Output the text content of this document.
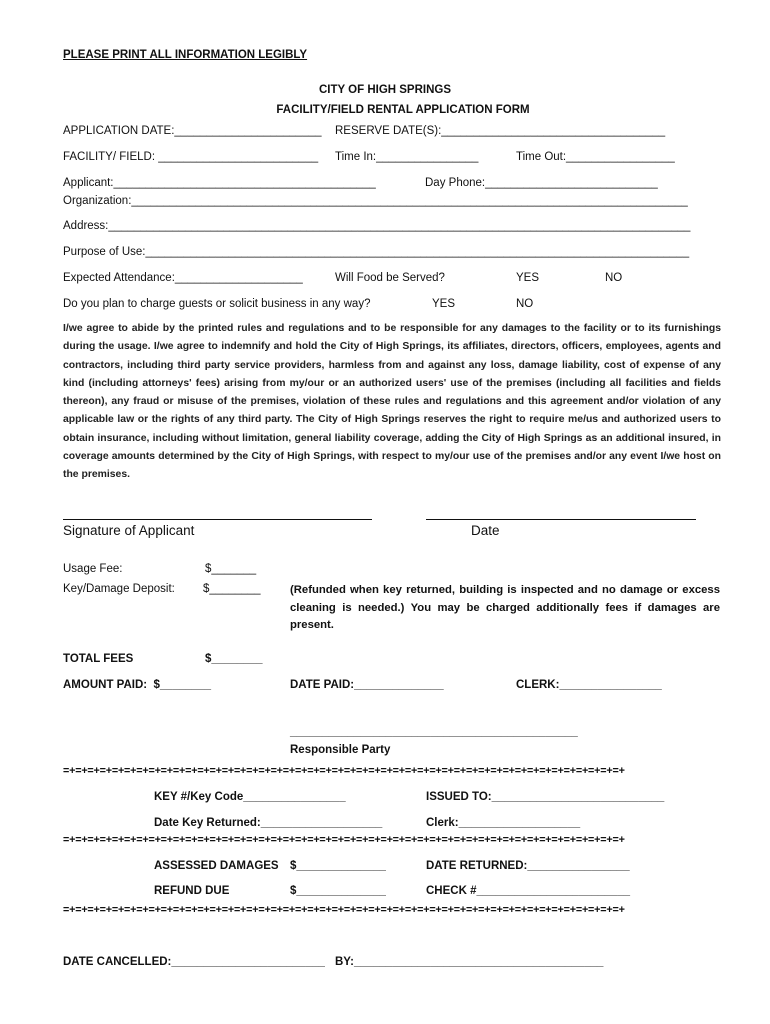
PLEASE PRINT ALL INFORMATION LEGIBLY
CITY OF HIGH SPRINGS
FACILITY/FIELD RENTAL APPLICATION FORM
APPLICATION DATE:_______________________ RESERVE DATE(S):___________________________________
FACILITY/ FIELD: _________________________ Time In:________________	Time Out:_________________
Applicant:_________________________________________	Day Phone:___________________________
Organization:_______________________________________________________________________________________
Address:___________________________________________________________________________________________
Purpose of Use:_____________________________________________________________________________________
Expected Attendance:____________________	Will Food be Served?	YES	NO
Do you plan to charge guests or solicit business in any way?	YES	NO
I/we agree to abide by the printed rules and regulations and to be responsible for any damages to the facility or to its furnishings during the usage. I/we agree to indemnify and hold the City of High Springs, its affiliates, directors, officers, employees, agents and contractors, including third party service providers, harmless from and against any loss, damage liability, cost of expense of any kind (including attorneys' fees) arising from my/our or an authorized users' use of the premises (including all facilities and fields thereon), any fraud or misuse of the premises, violation of these rules and regulations and this agreement and/or violation of any applicable law or the rights of any third party. The City of High Springs reserves the right to require me/us and authorized users to obtain insurance, including without limitation, general liability coverage, adding the City of High Springs as an additional insured, in coverage amounts determined by the City of High Springs, with respect to my/our use of the premises and/or any event I/we host on the premises.
Signature of Applicant	Date
Usage Fee:	$_______
Key/Damage Deposit: $________	(Refunded when key returned, building is inspected and no damage or excess cleaning is needed.) You may be charged additionally fees if damages are present.
TOTAL FEES	$________
AMOUNT PAID:  $________	DATE PAID:______________	CLERK:________________
_____________________________________________
Responsible Party
=+=+=+=+=+=+=+=+=+=+=+=+=+=+=+=+=+=+=+=+=+=+=+=+=+=+=+=+=+=+=+=+=+=+=+=+=+=+=+=+=+=+=+=+=+=+
KEY #/Key Code________________	ISSUED TO:___________________________
Date Key Returned:___________________	Clerk:___________________
=+=+=+=+=+=+=+=+=+=+=+=+=+=+=+=+=+=+=+=+=+=+=+=+=+=+=+=+=+=+=+=+=+=+=+=+=+=+=+=+=+=+=+=+=+=+
ASSESSED DAMAGES $______________	DATE RETURNED:________________
REFUND DUE	$______________	CHECK #________________________
=+=+=+=+=+=+=+=+=+=+=+=+=+=+=+=+=+=+=+=+=+=+=+=+=+=+=+=+=+=+=+=+=+=+=+=+=+=+=+=+=+=+=+=+=+=+
DATE CANCELLED:________________________ BY:_______________________________________
